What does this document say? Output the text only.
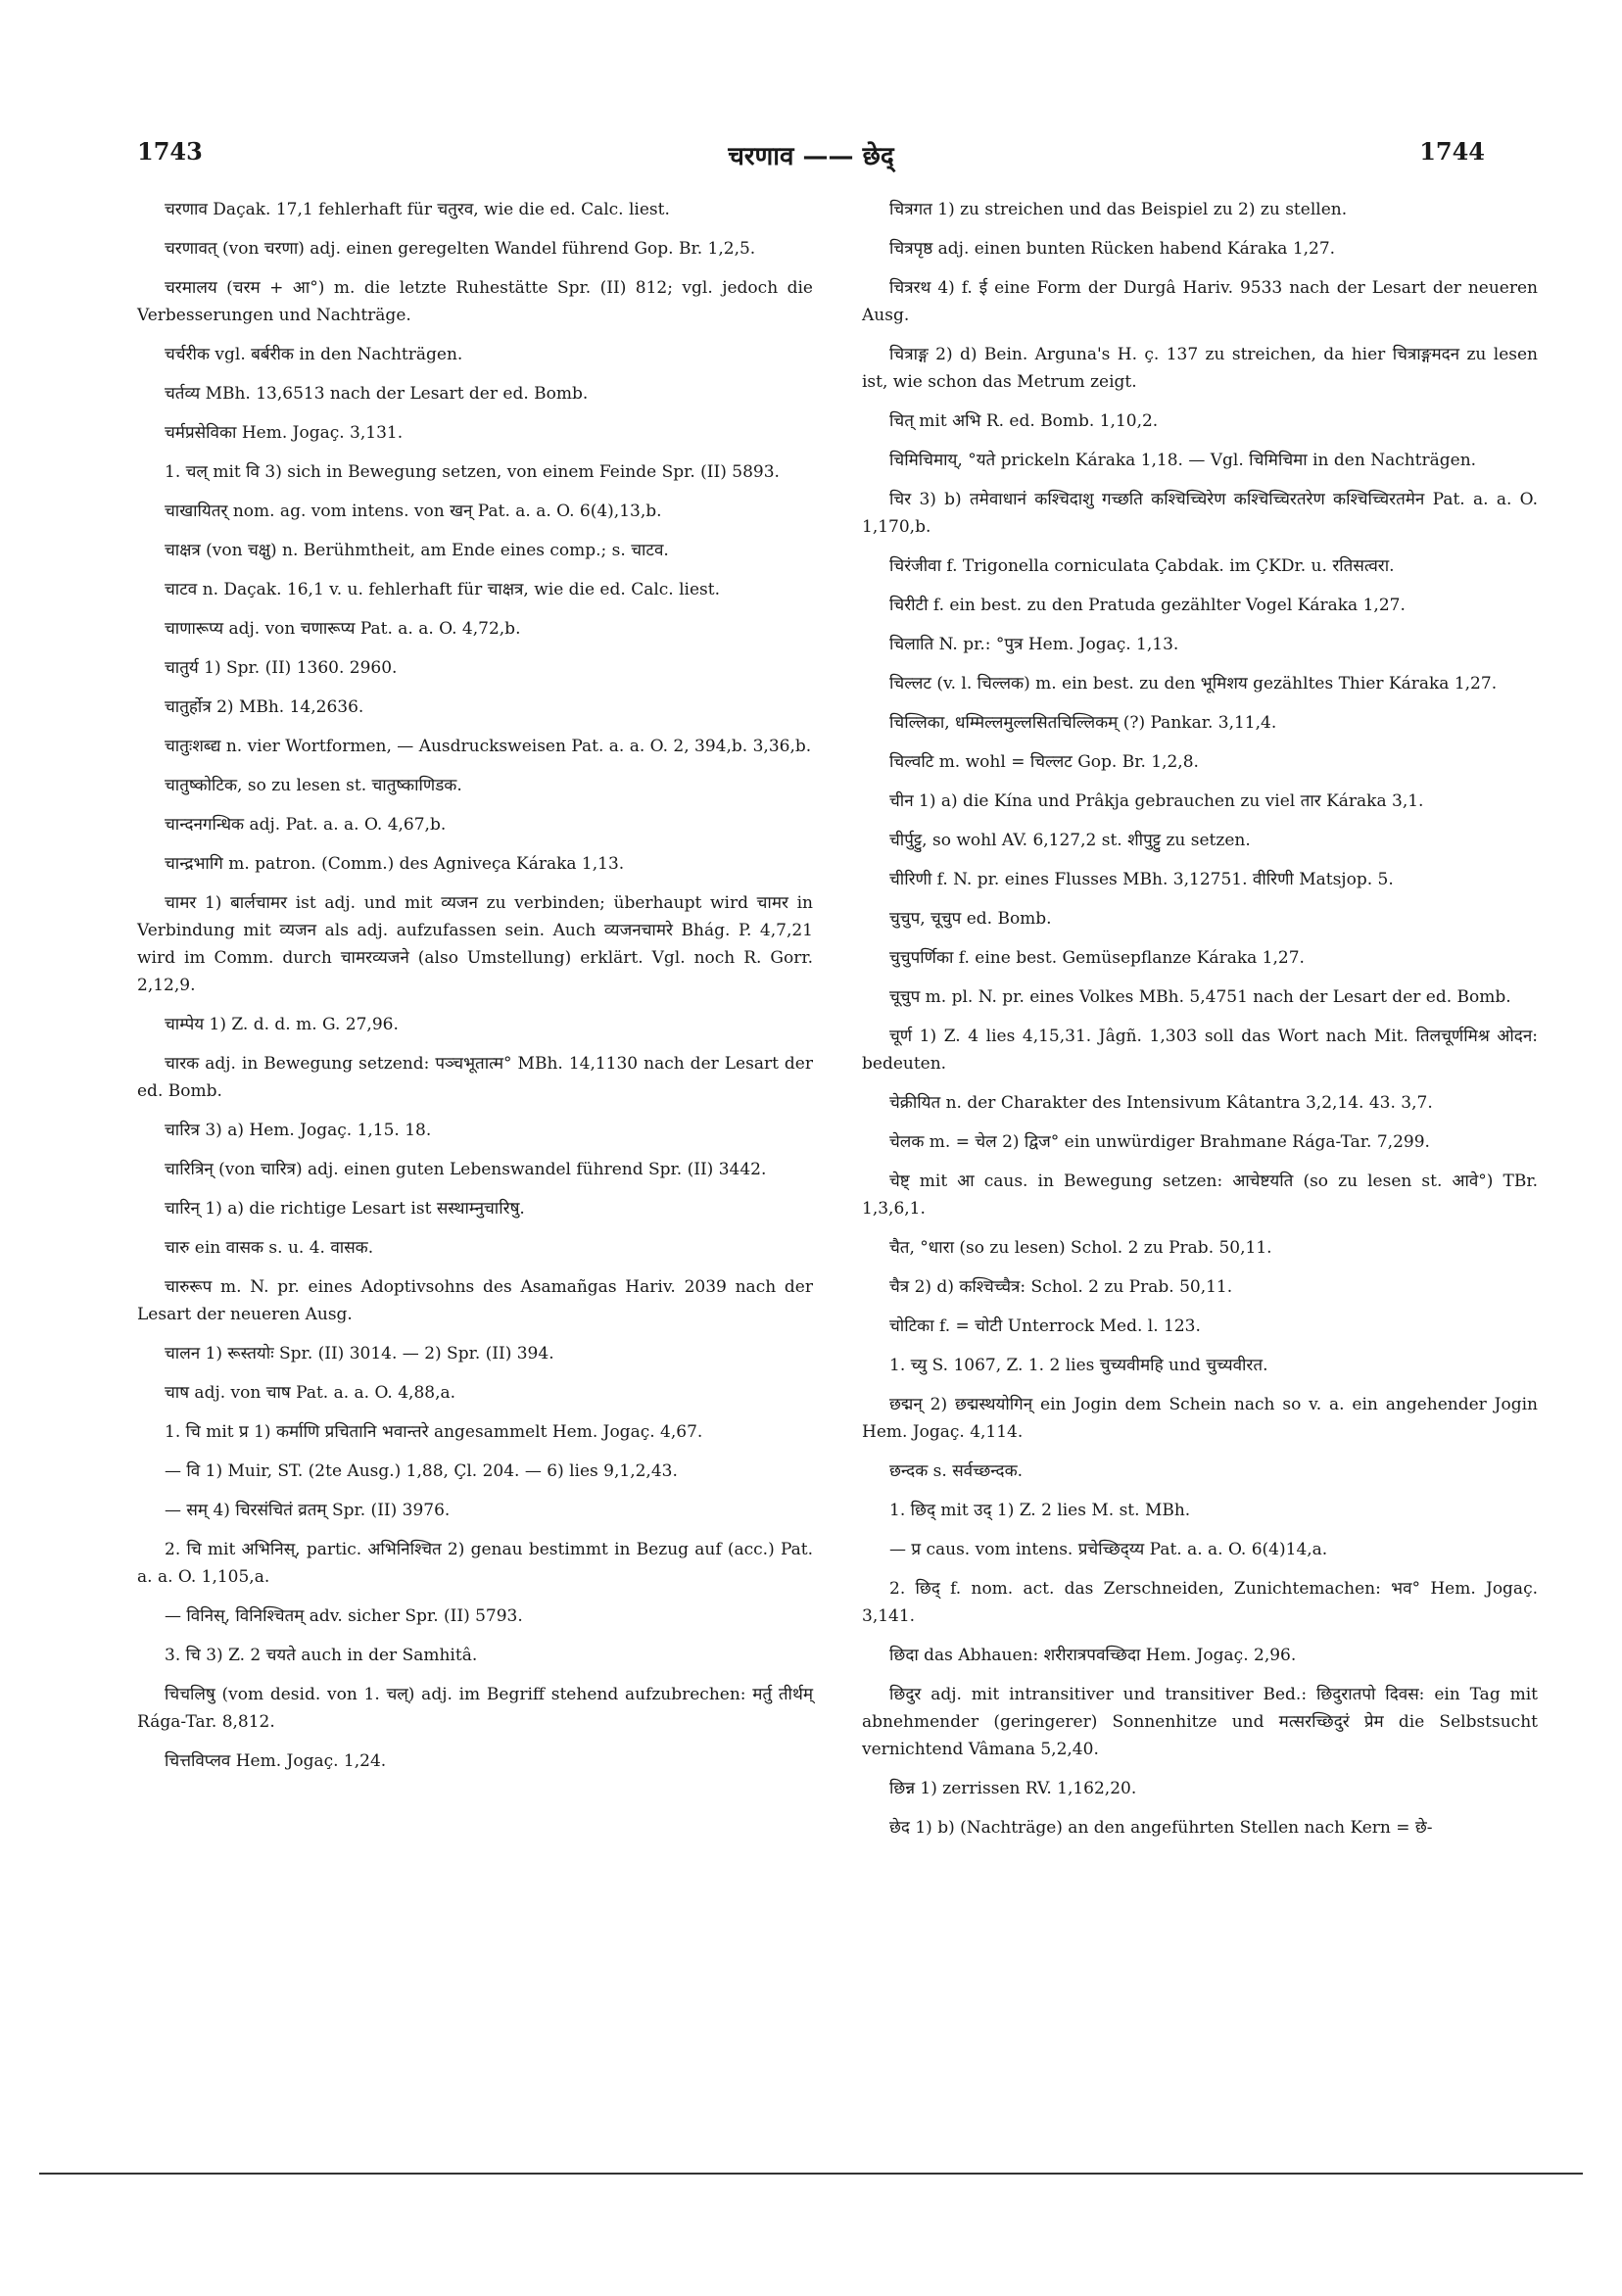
1743	चरणाव —— छेद्	1744

चरणाव Daçak. 17,1 fehlerhaft für चतुरव, wie die ed. Calc. liest.

चरणावत् (von चरणा) adj. einen geregelten Wandel führend Gop. Br. 1,2,5.

चरमालय (चरम + आ°) m. die letzte Ruhestätte Spr. (II) 812; vgl. jedoch die Verbesserungen und Nachträge.

चर्चरीक vgl. बर्बरीक in den Nachträgen.

चर्तव्य MBh. 13,6513 nach der Lesart der ed. Bomb.

चर्मप्रसेविका Hem. Jogaç. 3,131.

1. चल् mit वि 3) sich in Bewegung setzen, von einem Feinde Spr. (II) 5893.

चाखायितर् nom. ag. vom intens. von खन् Pat. a. a. O. 6(4),13,b.

चाक्षत्र (von चक्षु) n. Berühmtheit, am Ende eines comp.; s. चाटव.

चाटव n. Daçak. 16,1 v. u. fehlerhaft für चाक्षत्र, wie die ed. Calc. liest.

चाणारूप्य adj. von चणारूप्य Pat. a. a. O. 4,72,b.

चातुर्य 1) Spr. (II) 1360. 2960.

चातुर्होत्र 2) MBh. 14,2636.

चातुःशब्द्य n. vier Wortformen, — Ausdrucksweisen Pat. a. a. O. 2, 394,b. 3,36,b.

चातुष्कोटिक, so zu lesen st. चातुष्काणिडक.

चान्दनगन्धिक adj. Pat. a. a. O. 4,67,b.

चान्द्रभागि m. patron. (Comm.) des Agniveça Káraka 1,13.

चामर 1) बार्लचामर ist adj. und mit व्यजन zu verbinden; überhaupt wird चामर in Verbindung mit व्यजन als adj. aufzufassen sein. Auch व्यजनचामरे Bhág. P. 4,7,21 wird im Comm. durch चामरव्यजने (also Umstellung) erklärt. Vgl. noch R. Gorr. 2,12,9.

चाम्पेय 1) Z. d. d. m. G. 27,96.

चारक adj. in Bewegung setzend: पञ्चभूतात्म° MBh. 14,1130 nach der Lesart der ed. Bomb.

चारित्र 3) a) Hem. Jogaç. 1,15. 18.

चारित्रिन् (von चारित्र) adj. einen guten Lebenswandel führend Spr. (II) 3442.

चारिन् 1) a) die richtige Lesart ist सस्थाम्नुचारिषु.

चारु ein वासक s. u. 4. वासक.

चारुरूप m. N. pr. eines Adoptivsohns des Asamañgas Hariv. 2039 nach der Lesart der neueren Ausg.

चालन 1) रूस्तयोः Spr. (II) 3014. — 2) Spr. (II) 394.

चाष adj. von चाष Pat. a. a. O. 4,88,a.

1. चि mit प्र 1) कर्माणि प्रचितानि भवान्तरे angesammelt Hem. Jogaç. 4,67.

— वि 1) Muir, ST. (2te Ausg.) 1,88, Çl. 204. — 6) lies 9,1,2,43.

— सम् 4) चिरसंचितं व्रतम् Spr. (II) 3976.

2. चि mit अभिनिस्, partic. अभिनिश्चित 2) genau bestimmt in Bezug auf (acc.) Pat. a. a. O. 1,105,a.

— विनिस्, विनिश्चितम् adv. sicher Spr. (II) 5793.

3. चि 3) Z. 2 चयते auch in der Samhitâ.

चिचलिषु (vom desid. von 1. चल्) adj. im Begriff stehend aufzubrechen: मर्तु तीर्थम् Rága-Tar. 8,812.

चित्तविप्लव Hem. Jogaç. 1,24.

चित्रगत 1) zu streichen und das Beispiel zu 2) zu stellen.

चित्रपृष्ठ adj. einen bunten Rücken habend Káraka 1,27.

चित्ररथ 4) f. ई eine Form der Durgâ Hariv. 9533 nach der Lesart der neueren Ausg.

चित्राङ्ग 2) d) Bein. Arguna's H. ç. 137 zu streichen, da hier चित्राङ्गमदन zu lesen ist, wie schon das Metrum zeigt.

चित् mit अभि R. ed. Bomb. 1,10,2.

चिमिचिमाय्, °यते prickeln Káraka 1,18. — Vgl. चिमिचिमा in den Nachträgen.

चिर 3) b) तमेवाधानं कश्चिदाशु गच्छति कश्चिच्चिरेण कश्चिच्चिरतरेण कश्चिच्चिरतमेन Pat. a. a. O. 1,170,b.

चिरंजीवा f. Trigonella corniculata Çabdak. im ÇKDr. u. रतिसत्वरा.

चिरीटी f. ein best. zu den Pratuda gezählter Vogel Káraka 1,27.

चिलाति N. pr.: °पुत्र Hem. Jogaç. 1,13.

चिल्लट (v. l. चिल्लक) m. ein best. zu den भूमिशय gezähltes Thier Káraka 1,27.

चिल्लिका, धम्मिल्लमुल्लसितचिल्लिकम् (?) Pankar. 3,11,4.

चिल्वटि m. wohl = चिल्लट Gop. Br. 1,2,8.

चीन 1) a) die Kína und Prâkja gebrauchen zu viel तार Káraka 3,1.

चीर्पुट्टु, so wohl AV. 6,127,2 st. शीपुट्टु zu setzen.

चीरिणी f. N. pr. eines Flusses MBh. 3,12751. वीरिणी Matsjop. 5.

चुचुप, चूचुप ed. Bomb.

चुचुपर्णिका f. eine best. Gemüsepflanze Káraka 1,27.

चूचुप m. pl. N. pr. eines Volkes MBh. 5,4751 nach der Lesart der ed. Bomb.

चूर्ण 1) Z. 4 lies 4,15,31. Jâgñ. 1,303 soll das Wort nach Mit. तिलचूर्णमिश्र ओदन: bedeuten.

चेक्रीयित n. der Charakter des Intensivum Kâtantra 3,2,14. 43. 3,7.

चेलक m. = चेल 2) द्विज° ein unwürdiger Brahmane Rága-Tar. 7,299.

चेष्ट् mit आ caus. in Bewegung setzen: आचेष्टयति (so zu lesen st. आवे°) TBr. 1,3,6,1.

चैत, °धारा (so zu lesen) Schol. 2 zu Prab. 50,11.

चैत्र 2) d) कश्चिच्चैत्र: Schol. 2 zu Prab. 50,11.

चोटिका f. = चोटी Unterrock Med. l. 123.

1. च्यु S. 1067, Z. 1. 2 lies चुच्यवीमहि und चुच्यवीरत.

छद्मन् 2) छद्मस्थयोगिन् ein Jogin dem Schein nach so v. a. ein angehender Jogin Hem. Jogaç. 4,114.

छन्दक s. सर्वच्छन्दक.

1. छिद् mit उद् 1) Z. 2 lies M. st. MBh.

— प्र caus. vom intens. प्रचेच्छिद्य्य Pat. a. a. O. 6(4)14,a.

2. छिद् f. nom. act. das Zerschneiden, Zunichtemachen: भव° Hem. Jogaç. 3,141.

छिदा das Abhauen: शरीरात्रपवच्छिदा Hem. Jogaç. 2,96.

छिदुर adj. mit intransitiver und transitiver Bed.: छिदुरातपो दिवस: ein Tag mit abnehmender (geringerer) Sonnenhitze und मत्सरच्छिदुरं प्रेम die Selbstsucht vernichtend Vâmana 5,2,40.

छिन्न 1) zerrissen RV. 1,162,20.

छेद 1) b) (Nachträge) an den angeführten Stellen nach Kern = छे-
